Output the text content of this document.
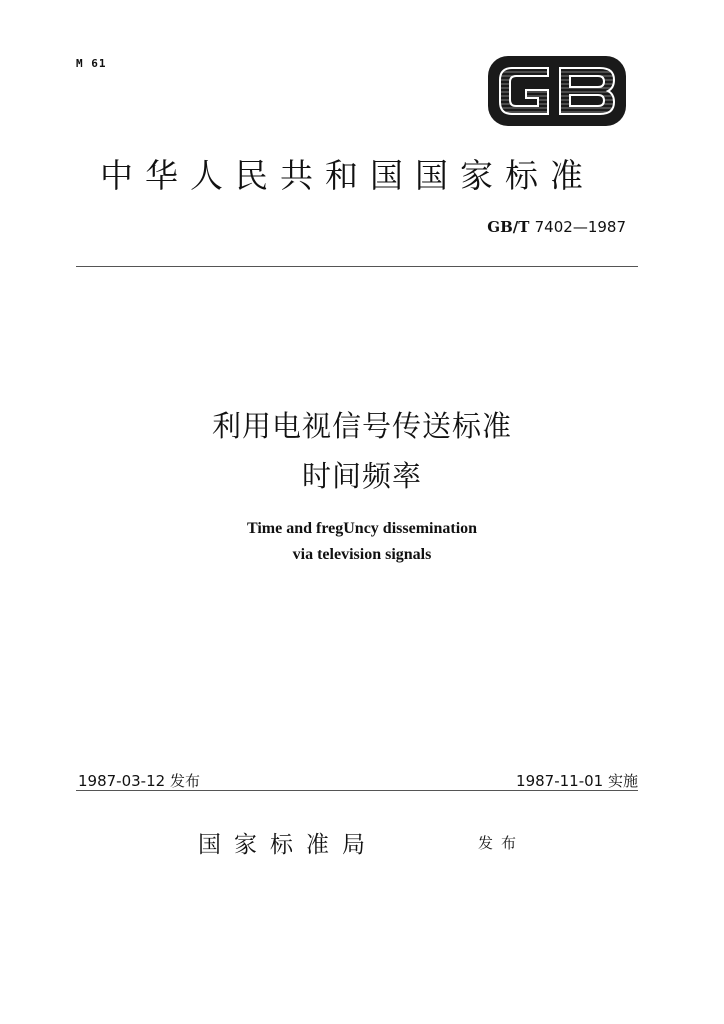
M 61
中华人民共和国国家标准
GB/T 7402—1987
利用电视信号传送标准
时间频率
Time and fregUncy dissemination
via television signals
1987-03-12 发布	1987-11-01 实施
国家标准局	发布
